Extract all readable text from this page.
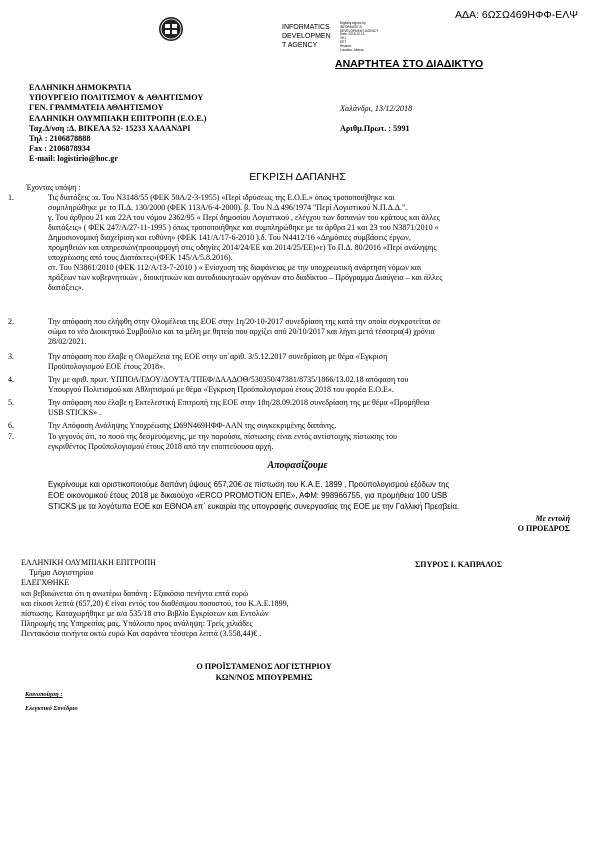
ΑΔΑ: 6ΩΣΩ469ΗΦΦ-ΕΛΨ
INFORMATICS
DEVELOPMEN
T AGENCY
Digitally signed by
INFORMATICS
DEVELOPMENT AGENCY
Date: 2018.12.13
09:1
EET
Reason:
Location: Athens
ΑΝΑΡΤΗΤΕΑ ΣΤΟ ΔΙΑΔΙΚΤΥΟ
ΕΛΛΗΝΙΚΗ ΔΗΜΟΚΡΑΤΙΑ
ΥΠΟΥΡΓΕΙΟ ΠΟΛΙΤΙΣΜΟΥ & ΑΘΛΗΤΙΣΜΟΥ
ΓΕΝ. ΓΡΑΜΜΑΤΕΙΑ ΑΘΛΗΤΙΣΜΟΥ
ΕΛΛΗΝΙΚΗ ΟΛΥΜΠΙΑΚΗ ΕΠΙΤΡΟΠΗ (Ε.Ο.Ε.)
Ταχ.Δ/νση :Δ. ΒΙΚΕΛΑ 52- 15233 ΧΑΛΑΝΔΡΙ
Τηλ : 2106878888
Fax : 2106878934
E-mail: logistirio@hoc.gr
Χαλάνδρι, 13/12/2018
Αριθμ.Πρωτ. : 5991
ΕΓΚΡΙΣΗ ΔΑΠΑΝΗΣ
Έχοντας υπόψη :
1.	Τις διατάξεις :α. Του Ν3148/55 (ΦΕΚ 50Α/2-3-1955) «Περί ιδρύσεως της Ε.Ο.Ε.» όπως τροποποιήθηκε και
συμπληρώθηκε με το Π.Δ. 130/2000 (ΦΕΚ 113Α/6-4-2000). β. Του Ν.Δ 496/1974 "Περί Λογιστικού Ν.Π.Δ.Δ.".
γ. Του άρθρου 21 και 22Α του νόμου 2362/95 « Περί δημοσίου Λογιστικού , ελέγχου των δαπανών του κράτους και άλλες
διατάξεις» ( ΦΕΚ 247/Α/27-11-1995 ) όπως τροποποιήθηκε και συμπληρώθηκε με τα άρθρα 21 και 23 του Ν3871/2010 «
Δημοσιονομική διαχείριση και ευθύνη» (ΦΕΚ 141/Α/17-6-2010 ).δ. Του Ν4412/16 «Δημόσιες συμβάσεις έργων,
προμηθειών και υπηρεσιών(προσαρμογή στις οδηγίες 2014/24/ΕΕ και 2014/25/ΕΕ)»ε) Το Π.Δ. 80/2016 «Περί ανάληψης
υποχρέωσης από τους Διατάκτες»(ΦΕΚ 145/Α/5.8.2016).
στ. Του Ν3861/2010 (ΦΕΚ 112/Α/13-7-2010 ) « Ενίσχυση της διαφάνειας με την υποχρεωτική ανάρτηση νόμων και
πράξεων των κυβερνητικών , διοικητικών και αυτοδιοικητικών οργάνων στο διαδίκτυο – Πρόγραμμα Διαύγεια – και άλλες
διατάξεις».
2.	Την απόφαση που ελήφθη στην Ολομέλεια της ΕΟΕ στην 1η/20-10-2017 συνεδρίαση της κατά την οποία συγκροτείται σε
σώμα το νέο Διοικητικό Συμβούλιο και τα μέλη με θητεία που αρχίζει από 20/10/2017 και λήγει μετά τέσσερα(4) χρόνια
28/02/2021.
3.	Την απόφαση που έλαβε η Ολομέλεια της ΕΟΕ στην υπ΄αριθ. 3/5.12.2017 συνεδρίαση με θέμα «Έγκριση
Προϋπολογισμού ΕΟΕ έτους 2018».
4.	Την με αριθ. πρωτ. ΥΠΠΟΑ/ΓΔΟΥ/ΔΟΥΤΑ/ΤΠΕΦ/ΔΑΑΔΟΘ/530350/47381/8735/1866/13.02.18 απόφαση του
Υπουργού Πολιτισμού και Αθλητισμού με θέμα «Έγκριση Προϋπολογισμού έτους 2018 του φορέα Ε.Ο.Ε».
5.	Την απόφαση που έλαβε η Εκτελεστική Επιτροπή της ΕΟΕ στην 18η/28.09.2018 συνεδρίαση της με θέμα «Προμήθεια
USB STICKS» .
6.	Την Απόφαση Ανάληψης Υποχρέωσης Ω69Ν469ΗΦΦ-ΑΑΝ της συγκεκριμένης δαπάνης.
7.	Το γεγονός ότι, το ποσό της δεσμευόμενης, με την παρούσα, πίστωσης είναι εντός αντίστοιχης πίστωσης του
εγκριθέντος Προϋπολογισμού έτους 2018 από την εποπτεύουσα αρχή.
Αποφασίζουμε
Εγκρίνουμε και οριστικοποιούμε δαπάνη ύψους 657,20€ σε πίστωση του Κ.Α.Ε. 1899 , Προϋπολογισμού εξόδων της
ΕΟΕ οικονομικού έτους 2018 με δικαιούχο «ERCO PROMOTION ΕΠΕ», ΑΦΜ: 998966755, για προμήθεια 100 USB
STICKS με τα λογότυπα ΕΟΕ και ΕΘΝΟΑ επ΄ ευκαιρία της υπογραφής συνεργασίας της ΕΟΕ με την Γαλλική Πρεσβεία.
Με εντολή
Ο ΠΡΟΕΔΡΟΣ
ΕΛΛΗΝΙΚΗ ΟΛΥΜΠΙΑΚΗ ΕΠΙΤΡΟΠΗ
Τμήμα Λογιστηρίου
ΕΛΕΓΧΘΗΚΕ
και βεβαιώνεται ότι η ανωτέρω δαπάνη : Εξακόσια πενήντα επτά ευρώ
και είκοσι λεπτά (657,20) € είναι εντός του διαθέσιμου ποσοστού, του Κ.Α.Ε.1899,
πίστωσης. Καταχωρήθηκε με α/α 535/18 στο Βιβλίο Εγκρίσεων και Εντολών
Πληρωμής της Υπηρεσίας μας. Υπόλοιπο προς ανάληψη: Τρείς χιλιάδες
Πεντακόσια πενήντα οκτώ ευρώ Και σαράντα τέσσερα λεπτά (3.558,44)€ .
ΣΠΥΡΟΣ Ι. ΚΑΠΡΑΛΟΣ
Ο ΠΡΟΪΣΤΑΜΕΝΟΣ ΛΟΓΙΣΤΗΡΙΟΥ
ΚΩΝ/ΝΟΣ ΜΠΟΥΡΕΜΗΣ
Κοινοποίηση :
Ελεγκτικό Συνέδριο
